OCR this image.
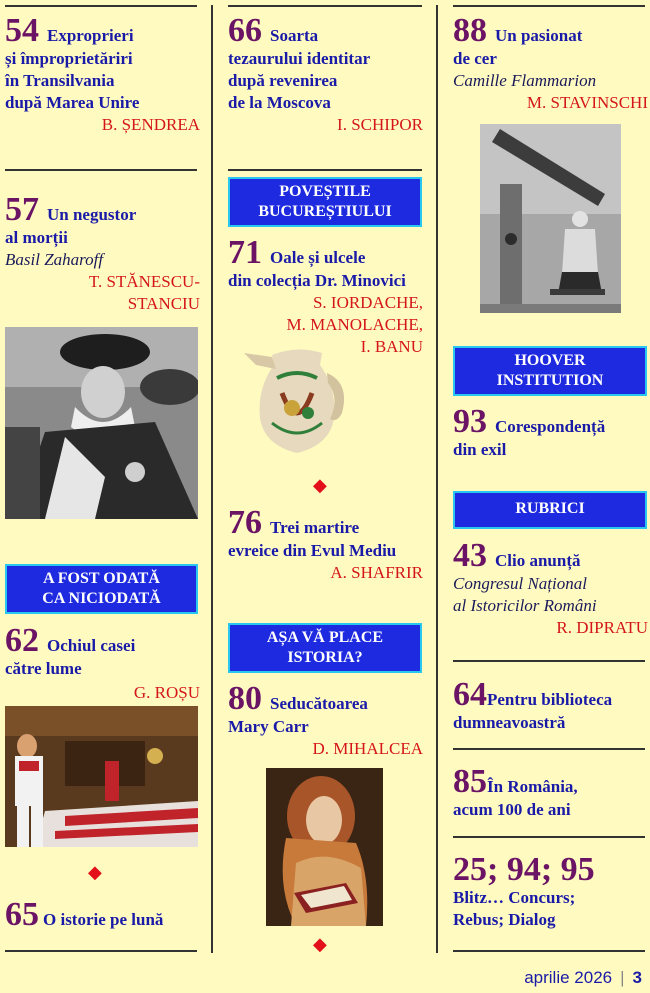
54 Exproprieri
și împroprietăriri
în Transilvania
după Marea Unire
B. ȘENDREA
57 Un negustor
al morții
Basil Zaharoff
T. STĂNESCU-
STANCIU
A FOST ODATĂ
CA NICIODATĂ
62 Ochiul casei
către lume
G. ROȘU
◆
65 O istorie pe lună
66 Soarta
tezaurului identitar
după revenirea
de la Moscova
I. SCHIPOR
POVEȘTILE
BUCUREȘTIULUI
71 Oale și ulcele
din colecția Dr. Minovici
S. IORDACHE,
M. MANOLACHE,
I. BANU
◆
76 Trei martire
evreice din Evul Mediu
A. SHAFRIR
AȘA VĂ PLACE
ISTORIA?
80 Seducătoarea
Mary Carr
D. MIHALCEA
◆
88 Un pasionat
de cer
Camille Flammarion
M. STAVINSCHI
HOOVER
INSTITUTION
93 Corespondență
din exil
RUBRICI
43 Clio anunță
Congresul Național
al Istoricilor Români
R. DIPRATU
64Pentru biblioteca
dumneavoastră
85În România,
acum 100 de ani
25; 94; 95
Blitz… Concurs;
Rebus; Dialog
aprilie 2026 | 3
